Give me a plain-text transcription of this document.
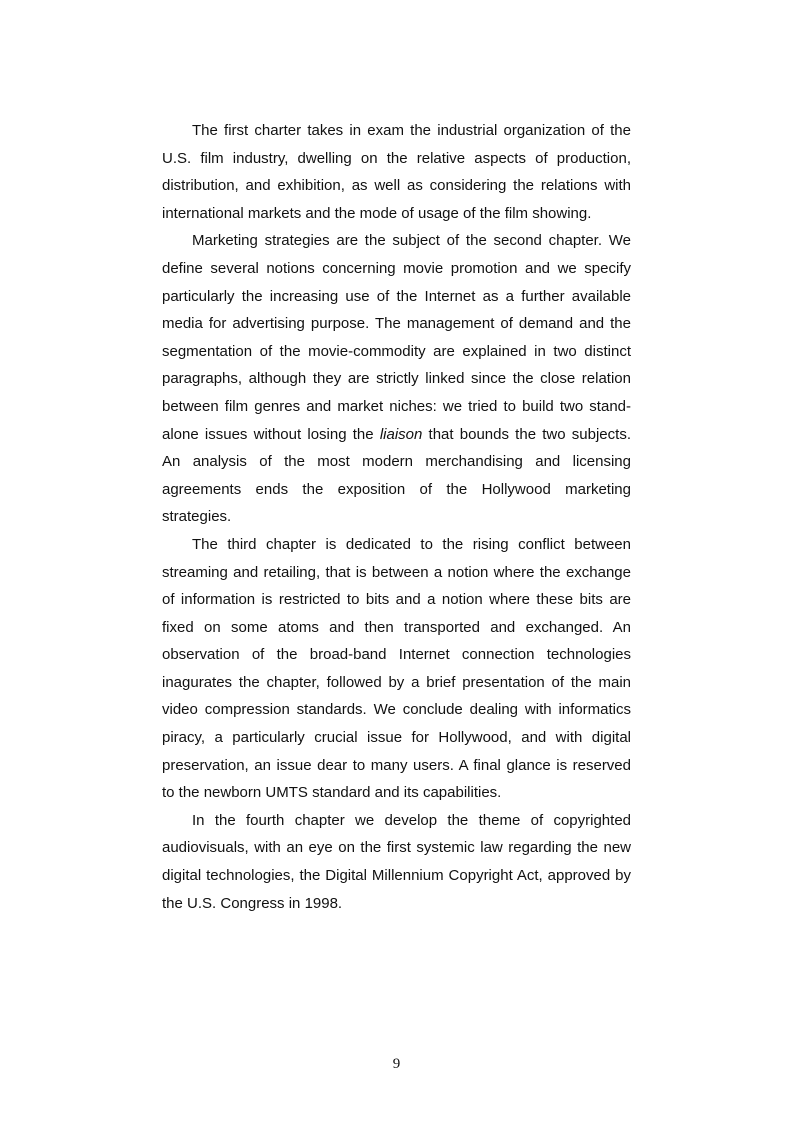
The first charter takes in exam the industrial organization of the U.S. film industry, dwelling on the relative aspects of production, distribution, and exhibition, as well as considering the relations with international markets and the mode of usage of the film showing.

Marketing strategies are the subject of the second chapter. We define several notions concerning movie promotion and we specify particularly the increasing use of the Internet as a further available media for advertising purpose. The management of demand and the segmentation of the movie-commodity are explained in two distinct paragraphs, although they are strictly linked since the close relation between film genres and market niches: we tried to build two stand-alone issues without losing the liaison that bounds the two subjects. An analysis of the most modern merchandising and licensing agreements ends the exposition of the Hollywood marketing strategies.

The third chapter is dedicated to the rising conflict between streaming and retailing, that is between a notion where the exchange of information is restricted to bits and a notion where these bits are fixed on some atoms and then transported and exchanged. An observation of the broad-band Internet connection technologies inagurates the chapter, followed by a brief presentation of the main video compression standards. We conclude dealing with informatics piracy, a particularly crucial issue for Hollywood, and with digital preservation, an issue dear to many users. A final glance is reserved to the newborn UMTS standard and its capabilities.

In the fourth chapter we develop the theme of copyrighted audiovisuals, with an eye on the first systemic law regarding the new digital technologies, the Digital Millennium Copyright Act, approved by the U.S. Congress in 1998.

9
